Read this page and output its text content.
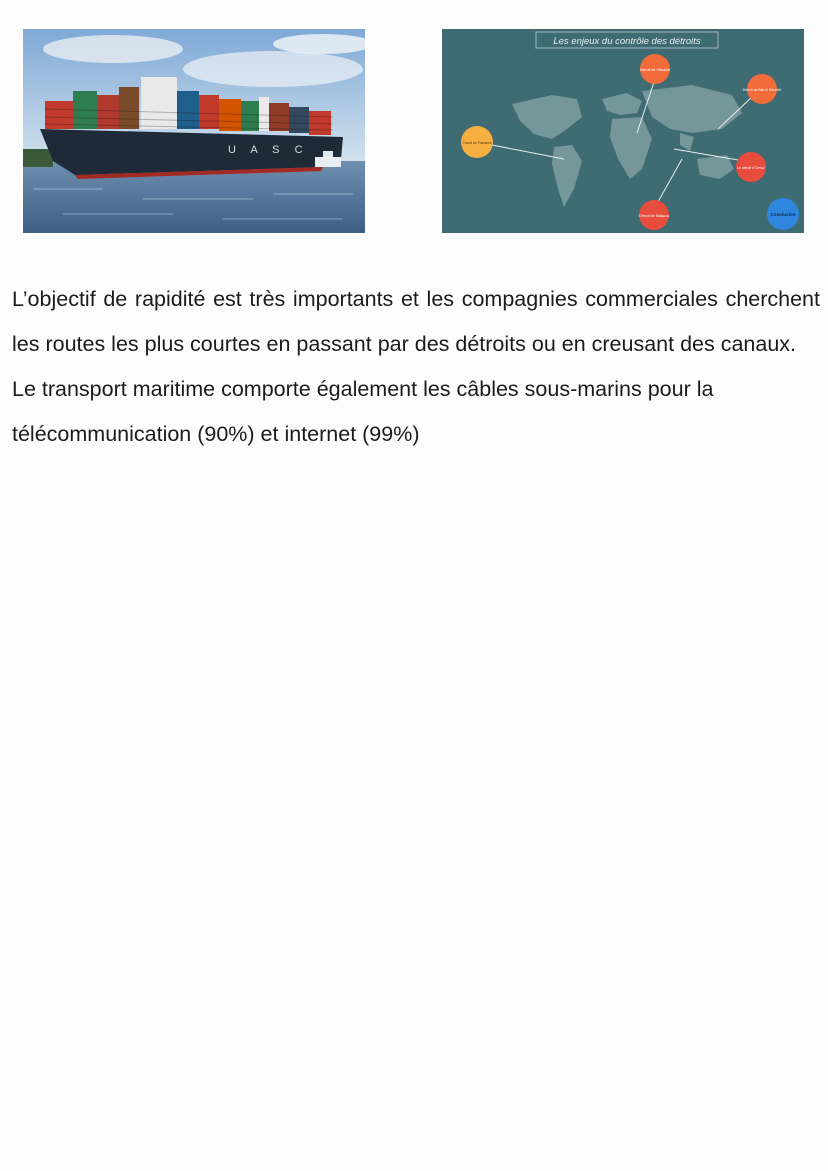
U A S C
Les enjeux du contrôle des détroits
Détroit de Gibraltar
Détroit de Bab el Mandeb
Canal de Panama
Le détroit d'Ormuz
Détroit de Malacca	Conclusion

L’objectif de rapidité est très importants et les compagnies commerciales cherchent les routes les plus courtes en passant par des détroits ou en creusant des canaux.

Le transport maritime comporte également les câbles sous-marins pour la télécommunication (90%) et internet (99%)
